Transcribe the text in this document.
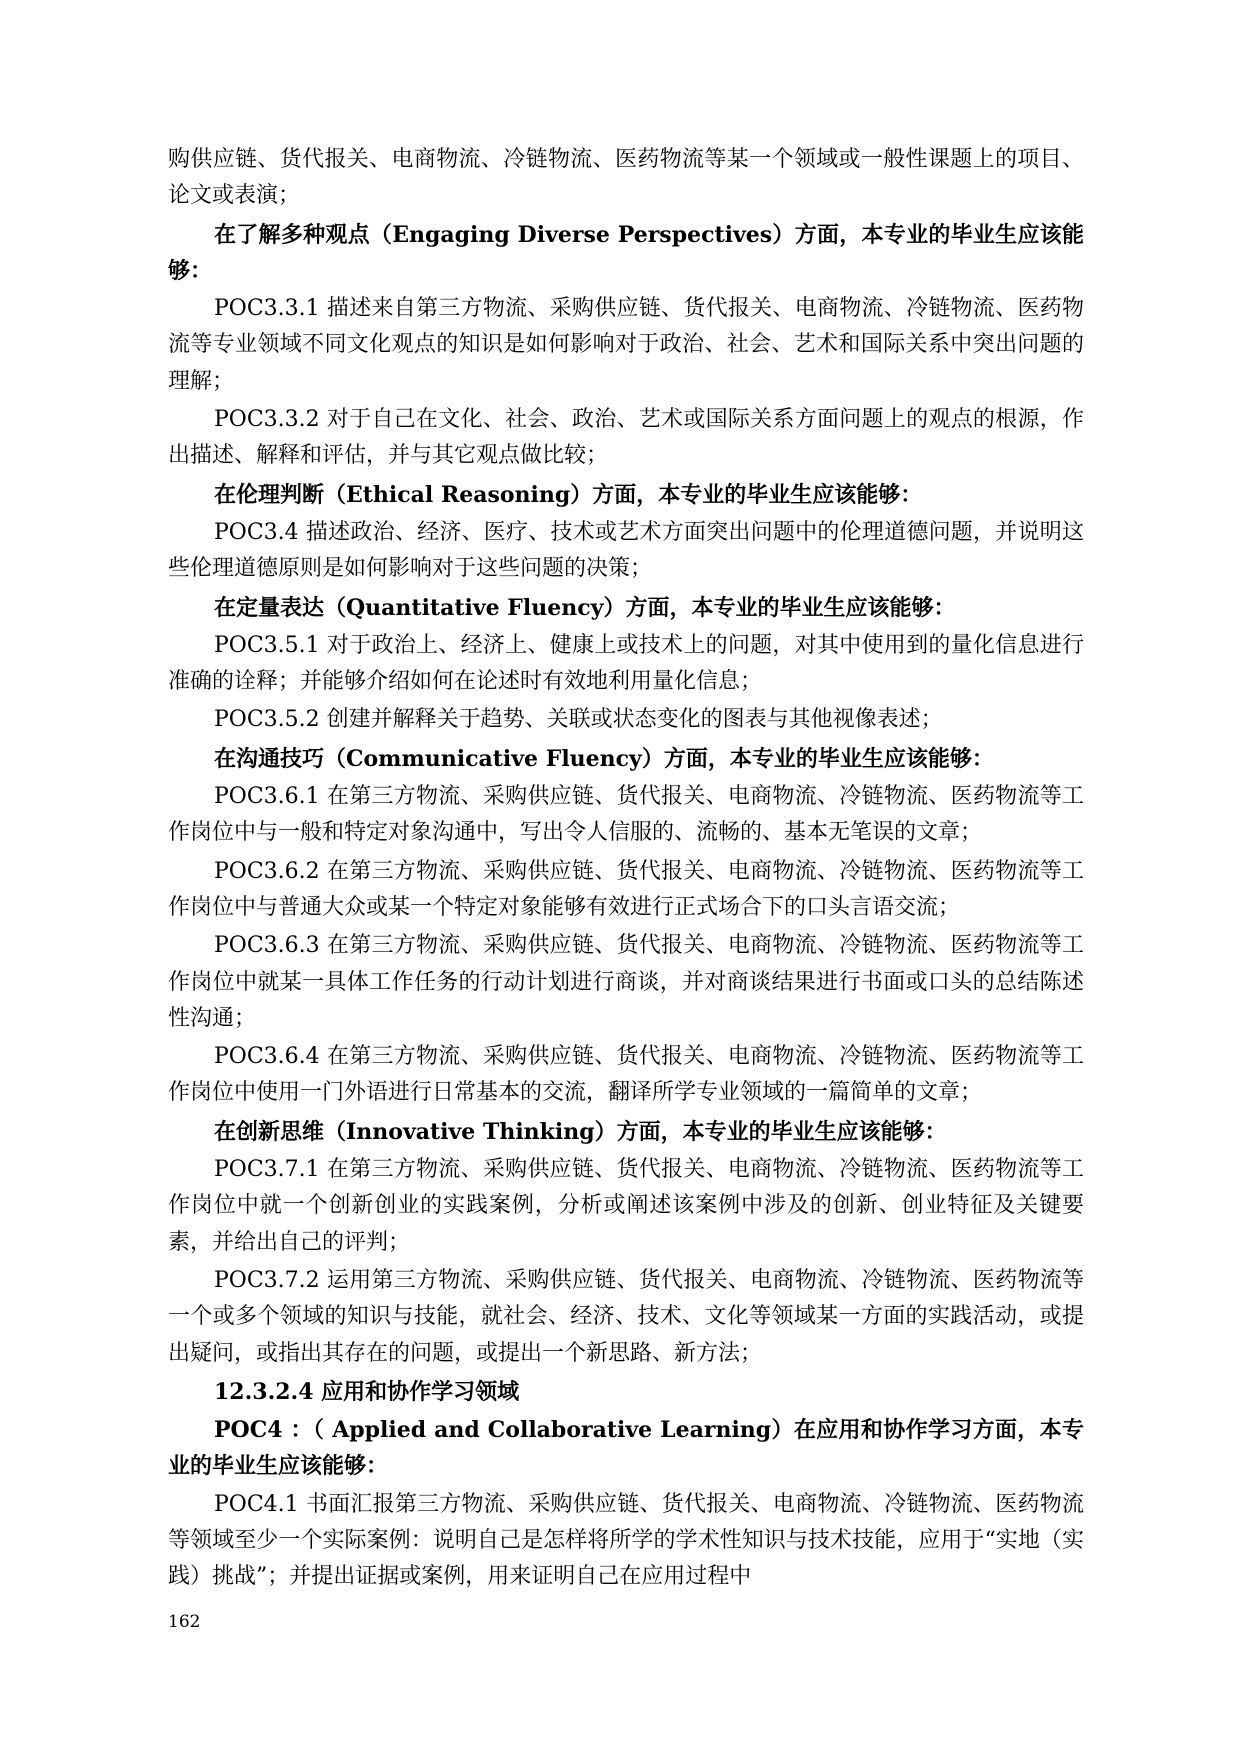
购供应链、货代报关、电商物流、冷链物流、医药物流等某一个领域或一般性课题上的项目、论文或表演；

在了解多种观点（Engaging Diverse Perspectives）方面，本专业的毕业生应该能够：

POC3.3.1 描述来自第三方物流、采购供应链、货代报关、电商物流、冷链物流、医药物流等专业领域不同文化观点的知识是如何影响对于政治、社会、艺术和国际关系中突出问题的理解；

POC3.3.2 对于自己在文化、社会、政治、艺术或国际关系方面问题上的观点的根源，作出描述、解释和评估，并与其它观点做比较；

在伦理判断（Ethical Reasoning）方面，本专业的毕业生应该能够：

POC3.4 描述政治、经济、医疗、技术或艺术方面突出问题中的伦理道德问题，并说明这些伦理道德原则是如何影响对于这些问题的决策；

在定量表达（Quantitative Fluency）方面，本专业的毕业生应该能够：

POC3.5.1 对于政治上、经济上、健康上或技术上的问题，对其中使用到的量化信息进行准确的诠释；并能够介绍如何在论述时有效地利用量化信息；

POC3.5.2 创建并解释关于趋势、关联或状态变化的图表与其他视像表述；

在沟通技巧（Communicative Fluency）方面，本专业的毕业生应该能够：

POC3.6.1 在第三方物流、采购供应链、货代报关、电商物流、冷链物流、医药物流等工作岗位中与一般和特定对象沟通中，写出令人信服的、流畅的、基本无笔误的文章；

POC3.6.2 在第三方物流、采购供应链、货代报关、电商物流、冷链物流、医药物流等工作岗位中与普通大众或某一个特定对象能够有效进行正式场合下的口头言语交流；

POC3.6.3 在第三方物流、采购供应链、货代报关、电商物流、冷链物流、医药物流等工作岗位中就某一具体工作任务的行动计划进行商谈，并对商谈结果进行书面或口头的总结陈述性沟通；

POC3.6.4 在第三方物流、采购供应链、货代报关、电商物流、冷链物流、医药物流等工作岗位中使用一门外语进行日常基本的交流，翻译所学专业领域的一篇简单的文章；

在创新思维（Innovative Thinking）方面，本专业的毕业生应该能够：

POC3.7.1 在第三方物流、采购供应链、货代报关、电商物流、冷链物流、医药物流等工作岗位中就一个创新创业的实践案例，分析或阐述该案例中涉及的创新、创业特征及关键要素，并给出自己的评判；

POC3.7.2 运用第三方物流、采购供应链、货代报关、电商物流、冷链物流、医药物流等一个或多个领域的知识与技能，就社会、经济、技术、文化等领域某一方面的实践活动，或提出疑问，或指出其存在的问题，或提出一个新思路、新方法；

12.3.2.4 应用和协作学习领域

POC4 ：（ Applied and Collaborative Learning）在应用和协作学习方面，本专业的毕业生应该能够：

POC4.1 书面汇报第三方物流、采购供应链、货代报关、电商物流、冷链物流、医药物流等领域至少一个实际案例：说明自己是怎样将所学的学术性知识与技术技能，应用于“实地（实践）挑战”；并提出证据或案例，用来证明自己在应用过程中

162
